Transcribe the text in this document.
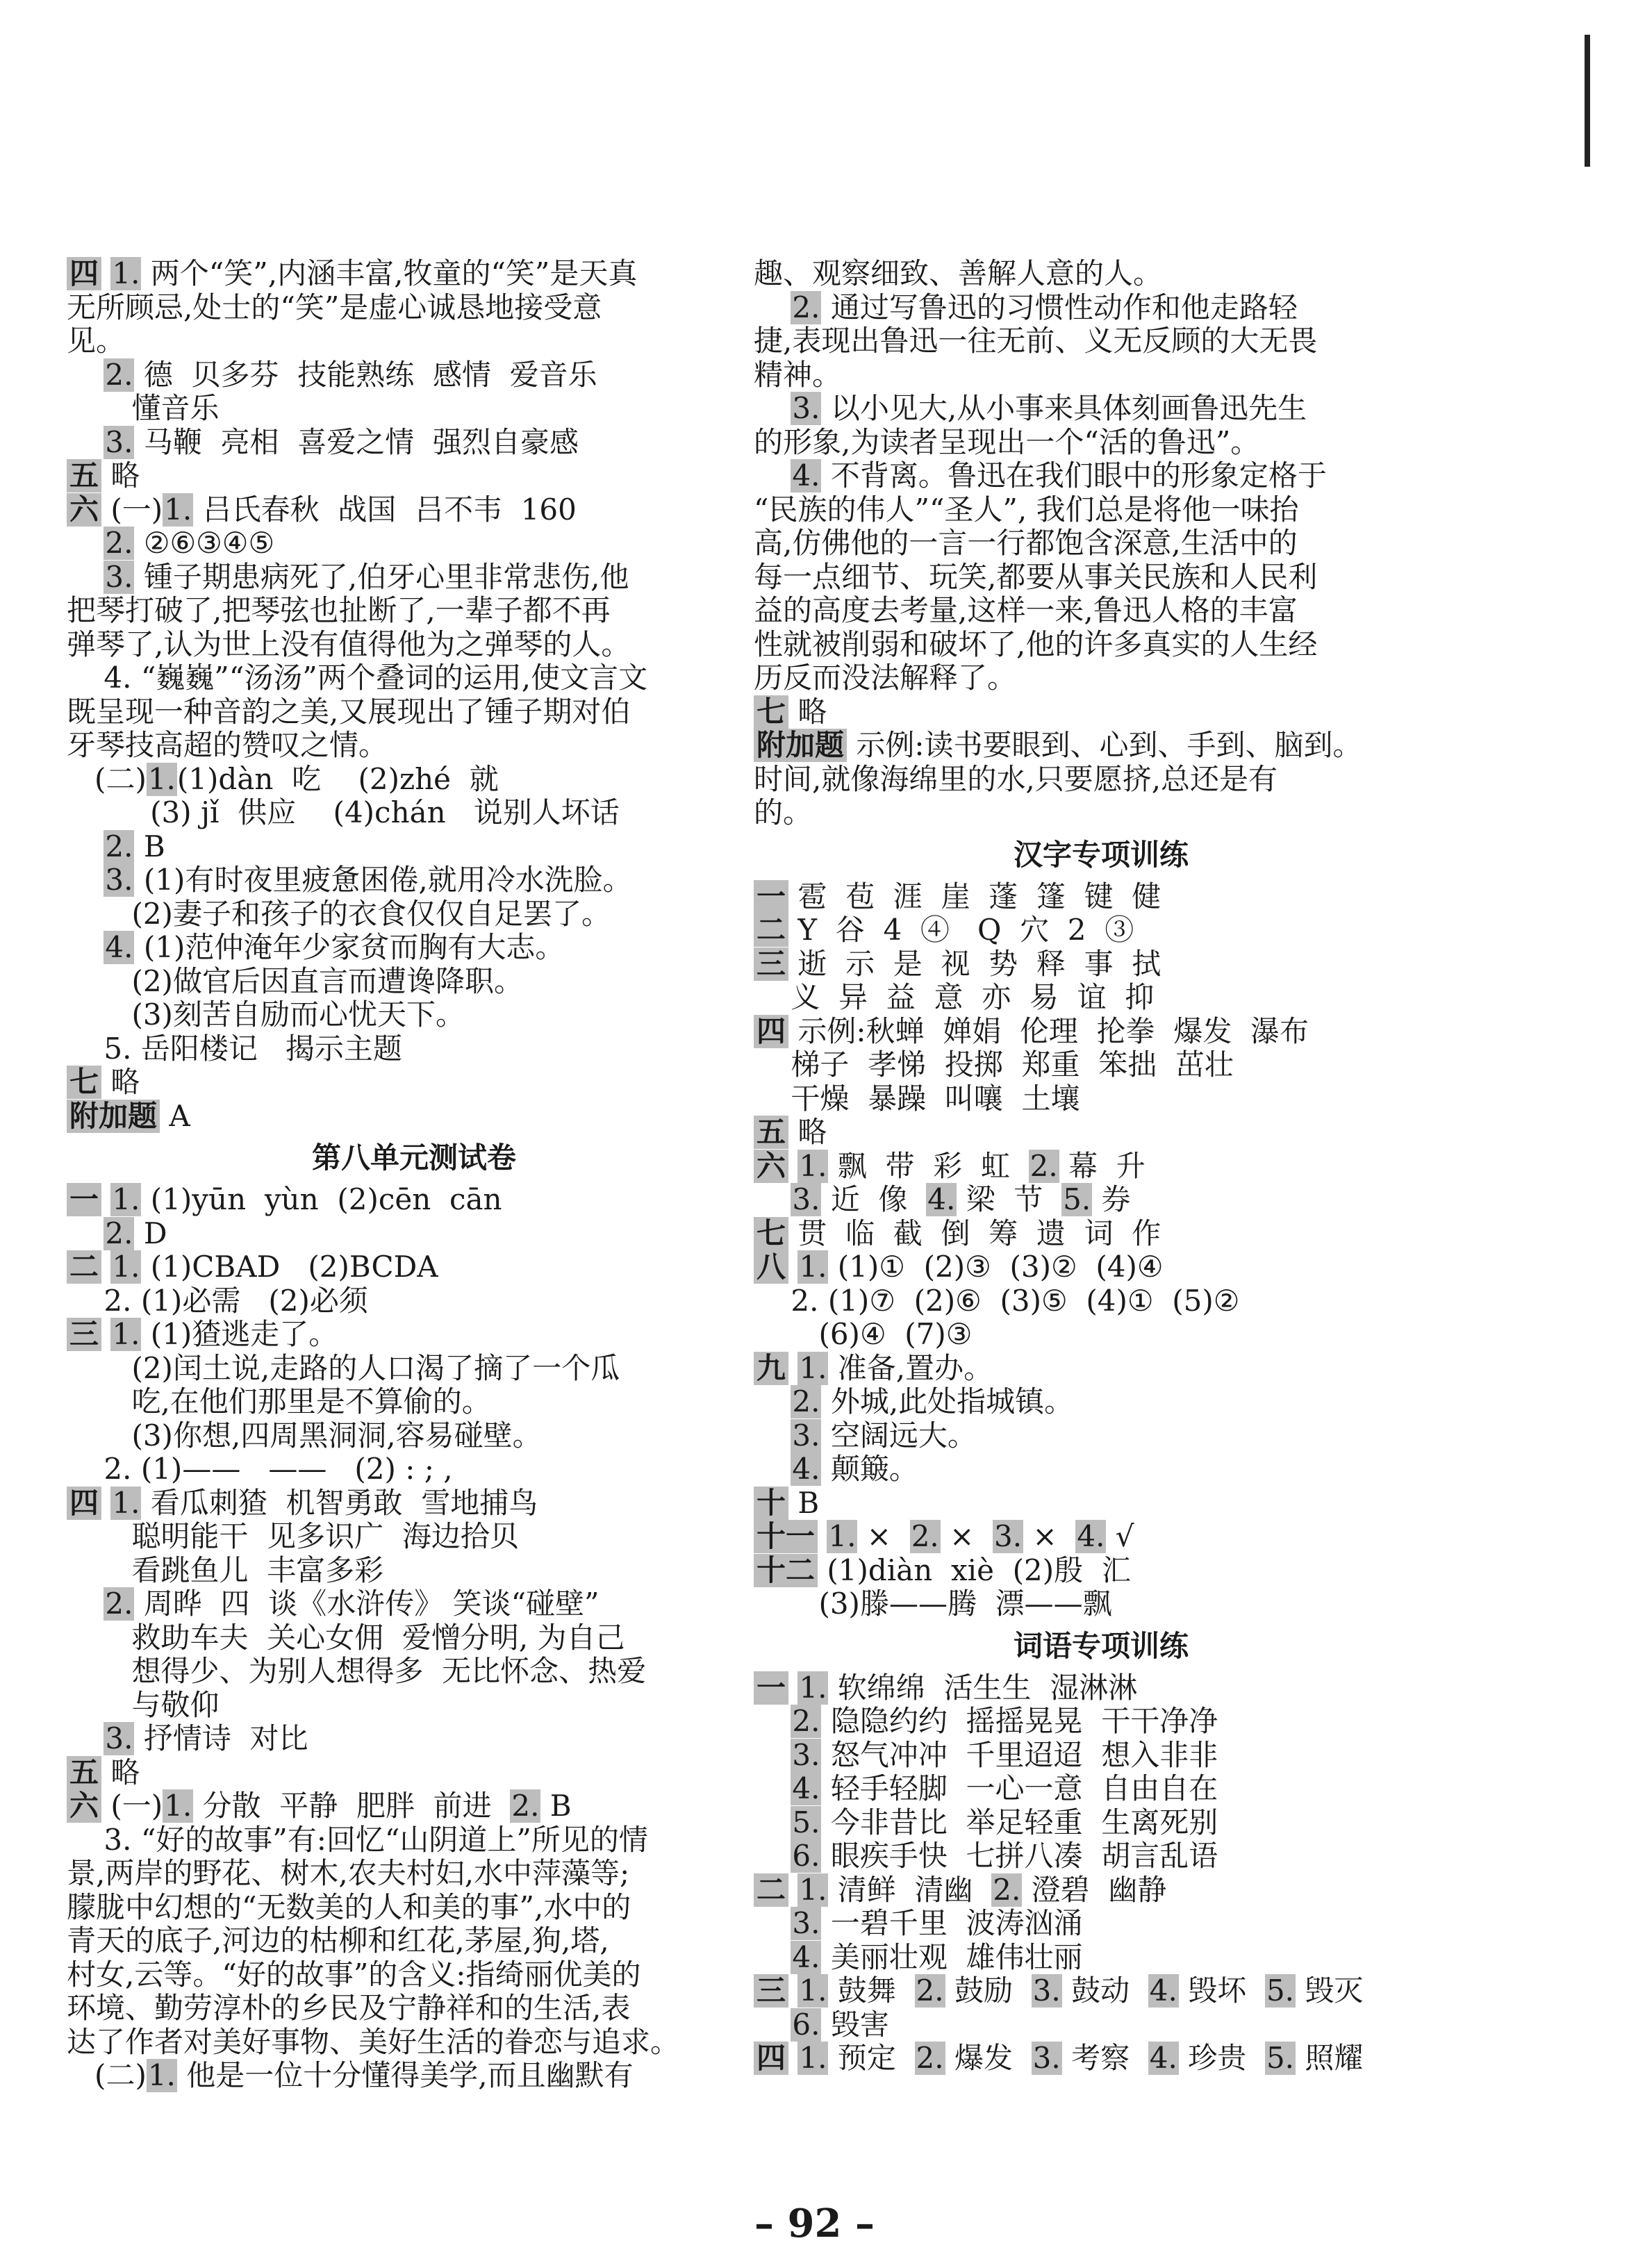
四 1. 两个“笑”,内涵丰富,牧童的“笑”是天真
无所顾忌,处士的“笑”是虚心诚恳地接受意
见。
2. 德  贝多芬  技能熟练  感情  爱音乐
懂音乐
3. 马鞭  亮相  喜爱之情  强烈自豪感
五 略
六 (一)1. 吕氏春秋  战国  吕不韦  160
2. ②⑥③④⑤
3. 锺子期患病死了,伯牙心里非常悲伤,他
把琴打破了,把琴弦也扯断了,一辈子都不再
弹琴了,认为世上没有值得他为之弹琴的人。
4. “巍巍”“汤汤”两个叠词的运用,使文言文
既呈现一种音韵之美,又展现出了锺子期对伯
牙琴技高超的赞叹之情。
(二)1.(1)dàn  吃    (2)zhé  就
(3) jǐ  供应    (4)chán   说别人坏话
2. B
3. (1)有时夜里疲惫困倦,就用冷水洗脸。
(2)妻子和孩子的衣食仅仅自足罢了。
4. (1)范仲淹年少家贫而胸有大志。
(2)做官后因直言而遭谗降职。
(3)刻苦自励而心忧天下。
5. 岳阳楼记   揭示主题
七 略
附加题 A
第八单元测试卷
一 1. (1)yūn  yùn  (2)cēn  cān
2. D
二 1. (1)CBAD   (2)BCDA
2. (1)必需   (2)必须
三 1. (1)猹逃走了。
(2)闰土说,走路的人口渴了摘了一个瓜
吃,在他们那里是不算偷的。
(3)你想,四周黑洞洞,容易碰壁。
2. (1)——   ——   (2) : ; ,
四 1. 看瓜刺猹  机智勇敢  雪地捕鸟
聪明能干  见多识广  海边拾贝
看跳鱼儿  丰富多彩
2. 周晔  四  谈《水浒传》 笑谈“碰壁”
救助车夫  关心女佣  爱憎分明, 为自己
想得少、为别人想得多  无比怀念、热爱
与敬仰
3. 抒情诗  对比
五 略
六 (一)1. 分散  平静  肥胖  前进  2. B
3. “好的故事”有:回忆“山阴道上”所见的情
景,两岸的野花、树木,农夫村妇,水中萍藻等;
朦胧中幻想的“无数美的人和美的事”,水中的
青天的底子,河边的枯柳和红花,茅屋,狗,塔,
村女,云等。“好的故事”的含义:指绮丽优美的
环境、勤劳淳朴的乡民及宁静祥和的生活,表
达了作者对美好事物、美好生活的眷恋与追求。
(二)1. 他是一位十分懂得美学,而且幽默有
趣、观察细致、善解人意的人。
2. 通过写鲁迅的习惯性动作和他走路轻
捷,表现出鲁迅一往无前、义无反顾的大无畏
精神。
3. 以小见大,从小事来具体刻画鲁迅先生
的形象,为读者呈现出一个“活的鲁迅”。
4. 不背离。鲁迅在我们眼中的形象定格于
“民族的伟人”“圣人”, 我们总是将他一味抬
高,仿佛他的一言一行都饱含深意,生活中的
每一点细节、玩笑,都要从事关民族和人民利
益的高度去考量,这样一来,鲁迅人格的丰富
性就被削弱和破坏了,他的许多真实的人生经
历反而没法解释了。
七 略
附加题 示例:读书要眼到、心到、手到、脑到。
时间,就像海绵里的水,只要愿挤,总还是有
的。
汉字专项训练
一 雹  苞  涯  崖  蓬  篷  键  健
二 Y  谷  4  ④   Q  穴  2  ③
三 逝  示  是  视  势  释  事  拭
义  异  益  意  亦  易  谊  抑
四 示例:秋蝉  婵娟  伦理  抡拳  爆发  瀑布
梯子  孝悌  投掷  郑重  笨拙  茁壮
干燥  暴躁  叫嚷  土壤
五 略
六 1. 飘  带  彩  虹  2. 幕  升
3. 近  像  4. 梁  节  5. 券
七 贯  临  截  倒  筹  遗  词  作
八 1. (1)①  (2)③  (3)②  (4)④
2. (1)⑦  (2)⑥  (3)⑤  (4)①  (5)②
(6)④  (7)③
九 1. 准备,置办。
2. 外城,此处指城镇。
3. 空阔远大。
4. 颠簸。
十 B
十一 1. ×  2. ×  3. ×  4. √
十二 (1)diàn  xiè  (2)殷  汇
(3)滕——腾  漂——飘
词语专项训练
一 1. 软绵绵  活生生  湿淋淋
2. 隐隐约约  摇摇晃晃  干干净净
3. 怒气冲冲  千里迢迢  想入非非
4. 轻手轻脚  一心一意  自由自在
5. 今非昔比  举足轻重  生离死别
6. 眼疾手快  七拼八凑  胡言乱语
二 1. 清鲜  清幽  2. 澄碧  幽静
3. 一碧千里  波涛汹涌
4. 美丽壮观  雄伟壮丽
三 1. 鼓舞  2. 鼓励  3. 鼓动  4. 毁坏  5. 毁灭
6. 毁害
四 1. 预定  2. 爆发  3. 考察  4. 珍贵  5. 照耀
– 92 –
